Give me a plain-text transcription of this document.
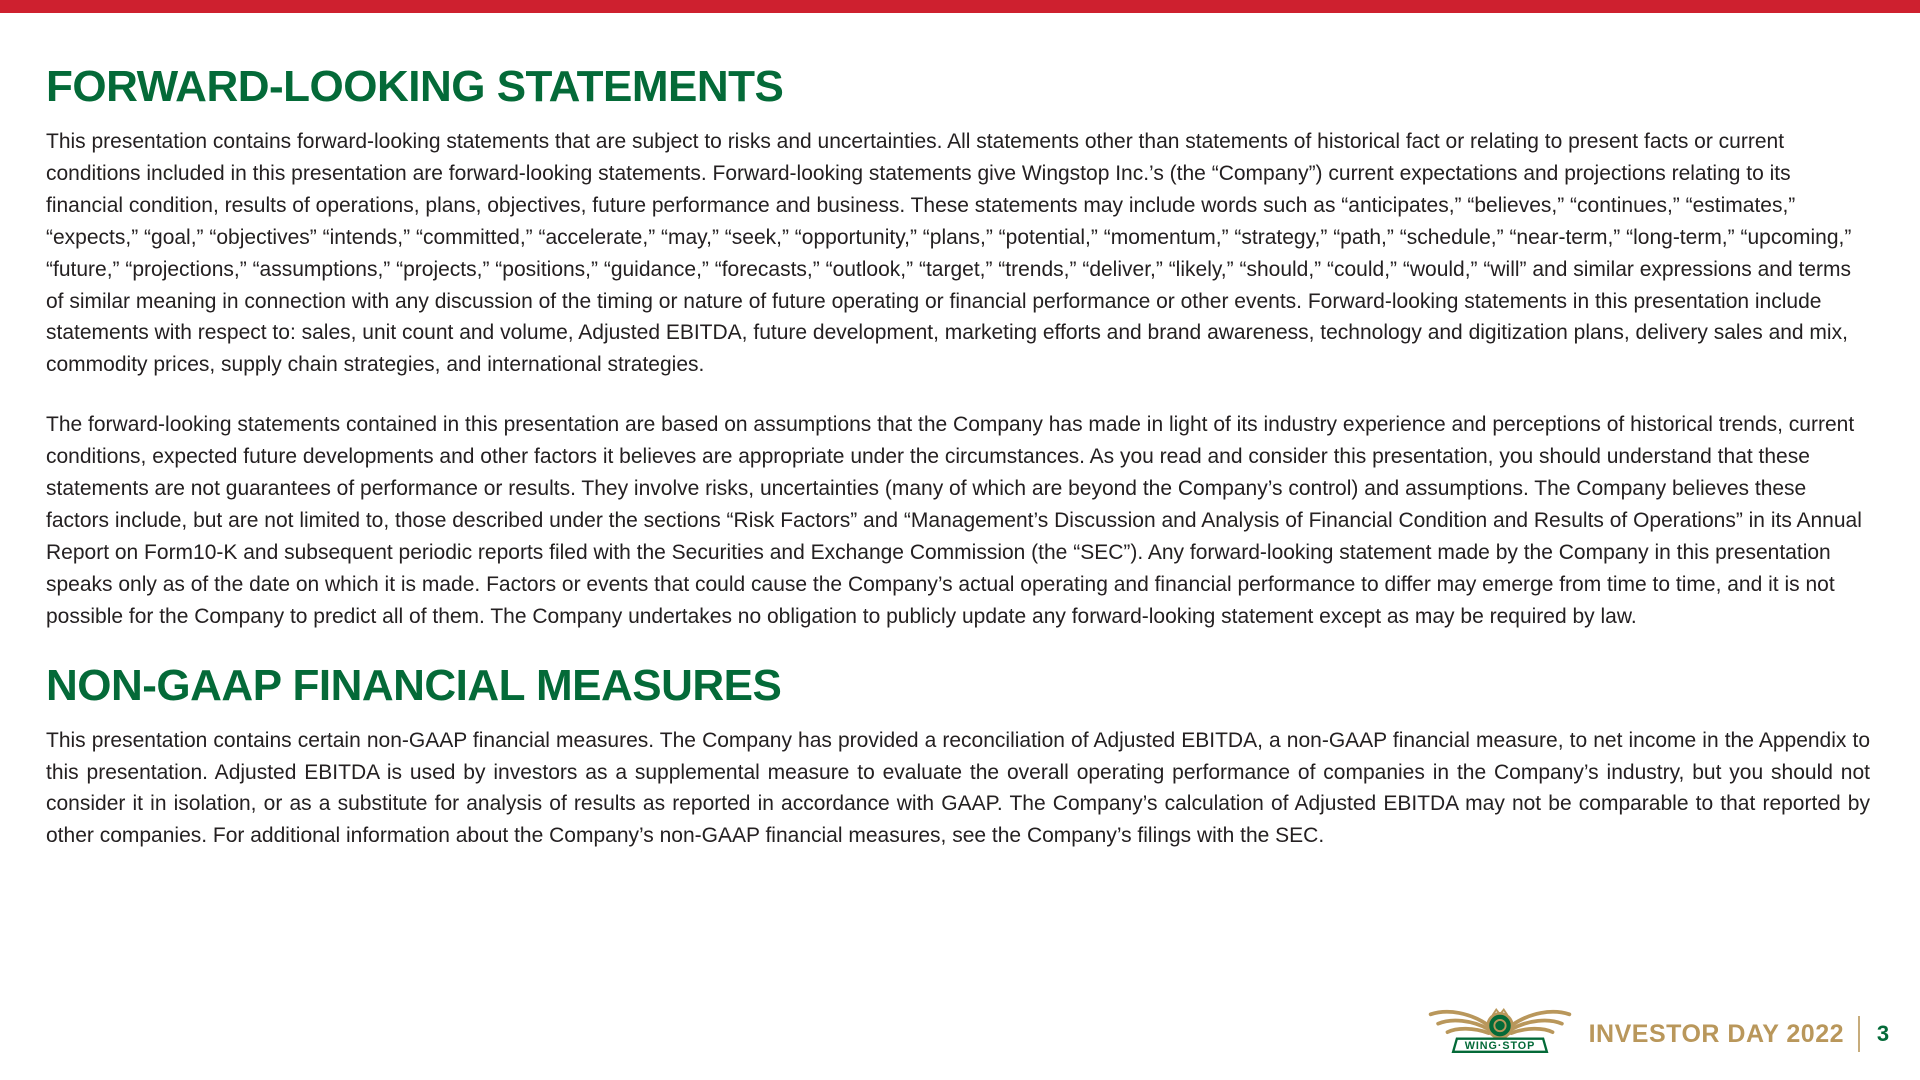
FORWARD-LOOKING STATEMENTS

This presentation contains forward-looking statements that are subject to risks and uncertainties. All statements other than statements of historical fact or relating to present facts or current conditions included in this presentation are forward-looking statements. Forward-looking statements give Wingstop Inc.’s (the “Company”) current expectations and projections relating to its financial condition, results of operations, plans, objectives, future performance and business. These statements may include words such as “anticipates,” “believes,” “continues,” “estimates,” “expects,” “goal,” “objectives” “intends,” “committed,” “accelerate,” “may,” “seek,” “opportunity,” “plans,” “potential,” “momentum,” “strategy,” “path,” “schedule,” “near-term,” “long-term,” “upcoming,” “future,” “projections,” “assumptions,” “projects,” “positions,” “guidance,” “forecasts,” “outlook,” “target,” “trends,” “deliver,” “likely,” “should,” “could,” “would,” “will” and similar expressions and terms of similar meaning in connection with any discussion of the timing or nature of future operating or financial performance or other events. Forward-looking statements in this presentation include statements with respect to: sales, unit count and volume, Adjusted EBITDA, future development, marketing efforts and brand awareness, technology and digitization plans, delivery sales and mix, commodity prices, supply chain strategies, and international strategies.

The forward-looking statements contained in this presentation are based on assumptions that the Company has made in light of its industry experience and perceptions of historical trends, current conditions, expected future developments and other factors it believes are appropriate under the circumstances. As you read and consider this presentation, you should understand that these statements are not guarantees of performance or results. They involve risks, uncertainties (many of which are beyond the Company’s control) and assumptions. The Company believes these factors include, but are not limited to, those described under the sections “Risk Factors” and “Management’s Discussion and Analysis of Financial Condition and Results of Operations” in its Annual Report on Form10-K and subsequent periodic reports filed with the Securities and Exchange Commission (the “SEC”). Any forward-looking statement made by the Company in this presentation speaks only as of the date on which it is made. Factors or events that could cause the Company’s actual operating and financial performance to differ may emerge from time to time, and it is not possible for the Company to predict all of them. The Company undertakes no obligation to publicly update any forward-looking statement except as may be required by law.

NON-GAAP FINANCIAL MEASURES

This presentation contains certain non-GAAP financial measures. The Company has provided a reconciliation of Adjusted EBITDA, a non-GAAP financial measure, to net income in the Appendix to this presentation. Adjusted EBITDA is used by investors as a supplemental measure to evaluate the overall operating performance of companies in the Company’s industry, but you should not consider it in isolation, or as a substitute for analysis of results as reported in accordance with GAAP. The Company’s calculation of Adjusted EBITDA may not be comparable to that reported by other companies. For additional information about the Company’s non-GAAP financial measures, see the Company’s filings with the SEC.

WING·STOP INVESTOR DAY 2022 3
